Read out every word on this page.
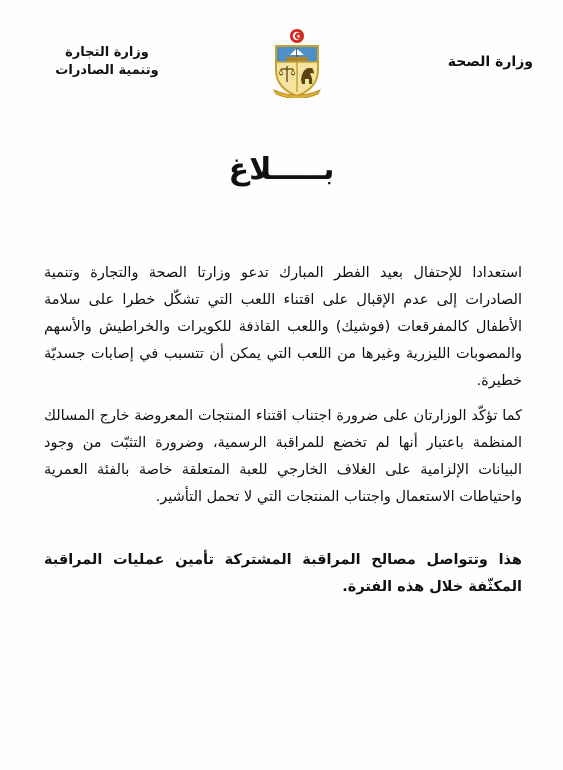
وزارة الصحة
وزارة التجارة
وتنمية الصادرات
بـــــلاغ
استعدادا للإحتفال بعيد الفطر المبارك تدعو وزارتا الصحة والتجارة وتنمية الصادرات إلى عدم الإقبال على اقتناء اللعب التي تشكّل خطرا على سلامة الأطفال كالمفرقعات (فوشيك) واللعب القاذفة للكويرات والخراطيش والأسهم والمصوبات الليزرية وغيرها من اللعب التي يمكن أن تتسبب في إصابات جسديّة خطيرة.
كما تؤكّد الوزارتان على ضرورة اجتناب اقتناء المنتجات المعروضة خارج المسالك المنظمة باعتبار أنها لم تخضع للمراقبة الرسمية، وضرورة التثبّت من وجود البيانات الإلزامية على الغلاف الخارجي للعبة المتعلقة خاصة بالفئة العمرية واحتياطات الاستعمال واجتناب المنتجات التي لا تحمل التأشير.
هذا وتتواصل مصالح المراقبة المشتركة تأمين عمليات المراقبة المكثّفة خلال هذه الفترة.
